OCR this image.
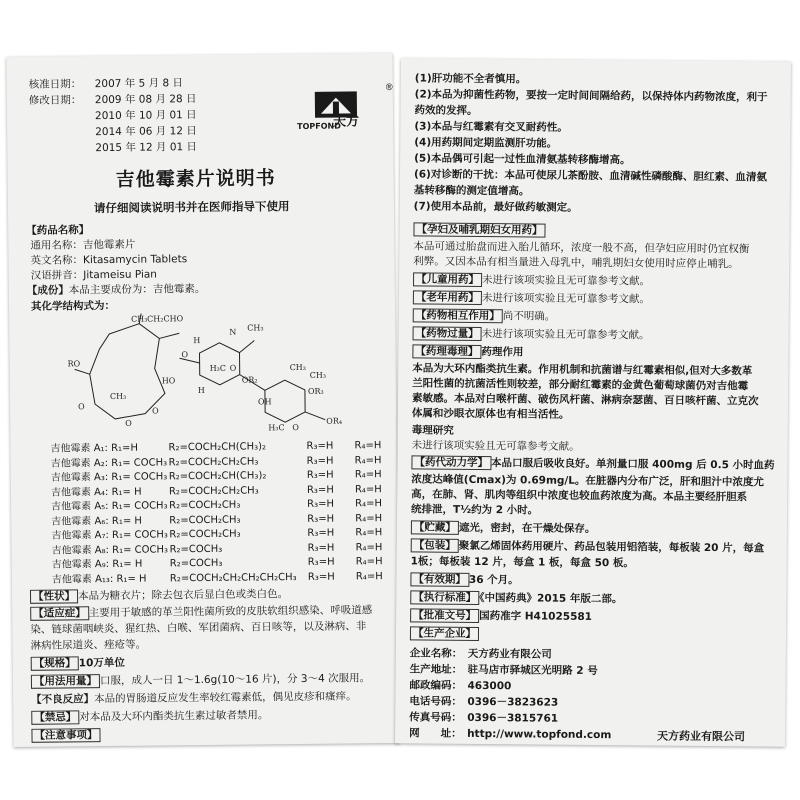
核准日期： 2007 年 5 月 8 日
修改日期： 2009 年 08 月 28 日
2010 年 10 月 01 日
2014 年 06 月 12 日
2015 年 12 月 01 日
TOPFOND
天方
®
吉他霉素片说明书
请仔细阅读说明书并在医师指导下使用
【药品名称】
通用名称：吉他霉素片
英文名称：Kitasamycin Tablets
汉语拼音：Jitameisu Pian
【成份】本品主要成份为：吉他霉素。
其化学结构式为：
CH₃ CH₂CHO
RO
O
H
N CH₃
H₃C O
H
HO
CH₃
OR₂
CH₃
OH
O
O
OR₃
H₃C O
OR₄
CH₃
O
吉他霉素 A₁: R₁=H	R₂=COCH₂CH(CH₃)₂	R₃=H R₄=H
吉他霉素 A₂: R₁= COCH₃ R₂=COCH₂CH₂CH₃	R₃=H R₄=H
吉他霉素 A₃: R₁= COCH₃ R₂=COCH₂CH(CH₃)₂	R₃=H R₄=H
吉他霉素 A₄: R₁= H	R₂=COCH₂CH₂CH₃	R₃=H R₄=H
吉他霉素 A₅: R₁= COCH₃ R₂=COCH₂CH₃	R₃=H R₄=H
吉他霉素 A₆: R₁= H	R₂=COCH₂CH₃	R₃=H R₄=H
吉他霉素 A₇: R₁= COCH₃ R₂=COCH₂CH₃	R₃=H R₄=H
吉他霉素 A₈: R₁= COCH₃ R₂=COCH₃	R₃=H R₄=H
吉他霉素 A₉: R₁= H	R₂=COCH₃	R₃=H R₄=H
吉他霉素 A₁₃: R₁= H R₂=COCH₂CH₂CH₂CH₂CH₃ R₃=H R₄=H
【性状】 本品为糖衣片；除去包衣后显白色或类白色。
【适应症】 主要用于敏感的革兰阳性菌所致的皮肤软组织感染、呼吸道感
染、链球菌咽峡炎、猩红热、白喉、军团菌病、百日咳等，以及淋病、非
淋病性尿道炎、痤疮等。
【规格】 10万单位
【用法用量】 口服，成人一日 1～1.6g(10～16 片)，分 3～4 次服用。
【不良反应】本品的胃肠道反应发生率较红霉素低，偶见皮疹和瘙痒。
【禁忌】 对本品及大环内酯类抗生素过敏者禁用。
【注意事项】
(1)肝功能不全者慎用。
(2)本品为抑菌性药物，要按一定时间间隔给药，以保持体内药物浓度，利于
药效的发挥。
(3)本品与红霉素有交叉耐药性。
(4)用药期间定期监测肝功能。
(5)本品偶可引起一过性血清氨基转移酶增高。
(6)对诊断的干扰：本品可使尿儿茶酚胺、血清碱性磷酸酶、胆红素、血清氨
基转移酶的测定值增高。
(7)使用本品前，最好做药敏测定。
【孕妇及哺乳期妇女用药】
本品可通过胎盘而进入胎儿循环，浓度一般不高，但孕妇应用时仍宜权衡
利弊。又因本品有相当量进入母乳中，哺乳期妇女使用时应停止哺乳。
【儿童用药】 未进行该项实验且无可靠参考文献。
【老年用药】 未进行该项实验且无可靠参考文献。
【药物相互作用】 尚不明确。
【药物过量】 未进行该项实验且无可靠参考文献。
【药理毒理】 药理作用
本品为大环内酯类抗生素。作用机制和抗菌谱与红霉素相似,但对大多数革
兰阳性菌的抗菌活性则较差，部分耐红霉素的金黄色葡萄球菌仍对吉他霉
素敏感。本品对白喉杆菌、破伤风杆菌、淋病奈瑟菌、百日咳杆菌、立克次
体属和沙眼衣原体也有相当活性。
毒理研究
未进行该项实验且无可靠参考文献。
【药代动力学】 本品口服后吸收良好。单剂量口服 400mg 后 0.5 小时血药
浓度达峰值(Cmax)为 0.69mg/L。在脏器内分布广泛，肝和胆汁中浓度尤
高，在肺、肾、肌肉等组织中浓度也较血药浓度为高。本品主要经肝胆系
统排泄，T½约为 2 小时。
【贮藏】 遮光，密封，在干燥处保存。
【包装】 聚氯乙烯固体药用硬片、药品包装用铝箔装，每板装 20 片，每盒
1板；每板装 12 片，每盒 1 板，每盒 50 板。
【有效期】 36 个月。
【执行标准】 《中国药典》2015 年版二部。
【批准文号】 国药准字 H41025581
【生产企业】
企业名称： 天方药业有限公司
生产地址： 驻马店市驿城区光明路 2 号
邮政编码： 463000
电话号码： 0396－3823623
传真号码： 0396－3815761
网　　址： http://www.topfond.com	天方药业有限公司
